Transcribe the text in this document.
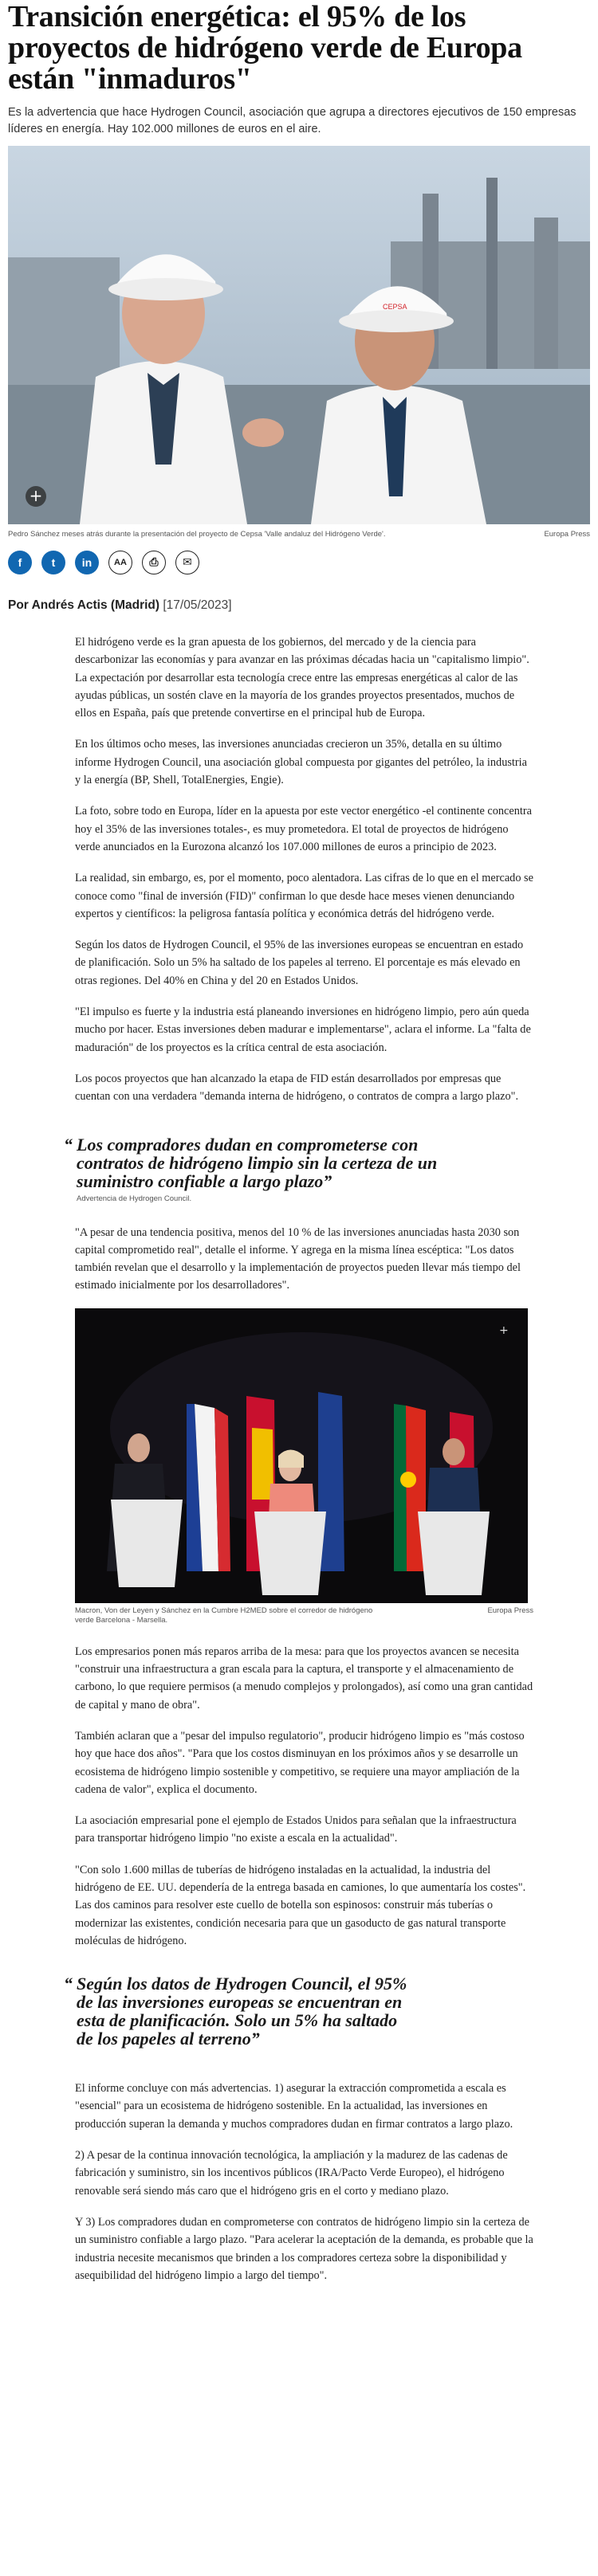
Transición energética: el 95% de los proyectos de hidrógeno verde de Europa están "inmaduros"
Es la advertencia que hace Hydrogen Council, asociación que agrupa a directores ejecutivos de 150 empresas líderes en energía. Hay 102.000 millones de euros en el aire.
CEPSA
+
Pedro Sánchez meses atrás durante la presentación del proyecto de Cepsa 'Valle andaluz del Hidrógeno Verde'.	Europa Press
f	t	in	AA	⎙	✉
Por Andrés Actis (Madrid) [17/05/2023]

El hidrógeno verde es la gran apuesta de los gobiernos, del mercado y de la ciencia para descarbonizar las economías y para avanzar en las próximas décadas hacia un "capitalismo limpio". La expectación por desarrollar esta tecnología crece entre las empresas energéticas al calor de las ayudas públicas, un sostén clave en la mayoría de los grandes proyectos presentados, muchos de ellos en España, país que pretende convertirse en el principal hub de Europa.

En los últimos ocho meses, las inversiones anunciadas crecieron un 35%, detalla en su último informe Hydrogen Council, una asociación global compuesta por gigantes del petróleo, la industria y la energía (BP, Shell, TotalEnergies, Engie).

La foto, sobre todo en Europa, líder en la apuesta por este vector energético -el continente concentra hoy el 35% de las inversiones totales-, es muy prometedora. El total de proyectos de hidrógeno verde anunciados en la Eurozona alcanzó los 107.000 millones de euros a principio de 2023.

La realidad, sin embargo, es, por el momento, poco alentadora. Las cifras de lo que en el mercado se conoce como "final de inversión (FID)" confirman lo que desde hace meses vienen denunciando expertos y científicos: la peligrosa fantasía política y económica detrás del hidrógeno verde.

Según los datos de Hydrogen Council, el 95% de las inversiones europeas se encuentran en estado de planificación. Solo un 5% ha saltado de los papeles al terreno. El porcentaje es más elevado en otras regiones. Del 40% en China y del 20 en Estados Unidos.

"El impulso es fuerte y la industria está planeando inversiones en hidrógeno limpio, pero aún queda mucho por hacer. Estas inversiones deben madurar e implementarse", aclara el informe. La "falta de maduración" de los proyectos es la crítica central de esta asociación.

Los pocos proyectos que han alcanzado la etapa de FID están desarrollados por empresas que cuentan con una verdadera "demanda interna de hidrógeno, o contratos de compra a largo plazo".

“ Los compradores dudan en comprometerse con contratos de hidrógeno limpio sin la certeza de un suministro confiable a largo plazo”
Advertencia de Hydrogen Council.

"A pesar de una tendencia positiva, menos del 10 % de las inversiones anunciadas hasta 2030 son capital comprometido real", detalle el informe. Y agrega en la misma línea escéptica: "Los datos también revelan que el desarrollo y la implementación de proyectos pueden llevar más tiempo del estimado inicialmente por los desarrolladores".

+
Macron, Von der Leyen y Sánchez en la Cumbre H2MED sobre el corredor de hidrógeno verde Barcelona - Marsella.
Europa Press

Los empresarios ponen más reparos arriba de la mesa: para que los proyectos avancen se necesita "construir una infraestructura a gran escala para la captura, el transporte y el almacenamiento de carbono, lo que requiere permisos (a menudo complejos y prolongados), así como una gran cantidad de capital y mano de obra".

También aclaran que a "pesar del impulso regulatorio", producir hidrógeno limpio es "más costoso hoy que hace dos años". "Para que los costos disminuyan en los próximos años y se desarrolle un ecosistema de hidrógeno limpio sostenible y competitivo, se requiere una mayor ampliación de la cadena de valor", explica el documento.

La asociación empresarial pone el ejemplo de Estados Unidos para señalan que la infraestructura para transportar hidrógeno limpio "no existe a escala en la actualidad".

"Con solo 1.600 millas de tuberías de hidrógeno instaladas en la actualidad, la industria del hidrógeno de EE. UU. dependería de la entrega basada en camiones, lo que aumentaría los costes". Las dos caminos para resolver este cuello de botella son espinosos: construir más tuberías o modernizar las existentes, condición necesaria para que un gasoducto de gas natural transporte moléculas de hidrógeno.

“ Según los datos de Hydrogen Council, el 95% de las inversiones europeas se encuentran en esta de planificación. Solo un 5% ha saltado de los papeles al terreno”

El informe concluye con más advertencias. 1) asegurar la extracción comprometida a escala es "esencial" para un ecosistema de hidrógeno sostenible. En la actualidad, las inversiones en producción superan la demanda y muchos compradores dudan en firmar contratos a largo plazo.

2) A pesar de la continua innovación tecnológica, la ampliación y la madurez de las cadenas de fabricación y suministro, sin los incentivos públicos (IRA/Pacto Verde Europeo), el hidrógeno renovable será siendo más caro que el hidrógeno gris en el corto y mediano plazo.

Y 3) Los compradores dudan en comprometerse con contratos de hidrógeno limpio sin la certeza de un suministro confiable a largo plazo. "Para acelerar la aceptación de la demanda, es probable que la industria necesite mecanismos que brinden a los compradores certeza sobre la disponibilidad y asequibilidad del hidrógeno limpio a largo del tiempo".
